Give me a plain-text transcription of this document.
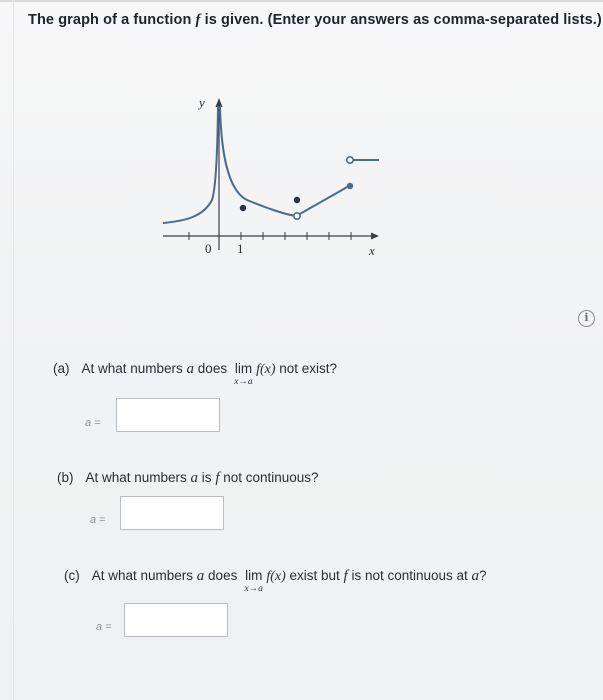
The graph of a function f is given. (Enter your answers as comma-separated lists.)
y
x
0 1
i
(a) At what numbers a does lim
x→a
f(x) not exist?
a =
(b) At what numbers a is f not continuous?
a =
(c) At what numbers a does lim
x→a
f(x) exist but f is not continuous at a?
a =
